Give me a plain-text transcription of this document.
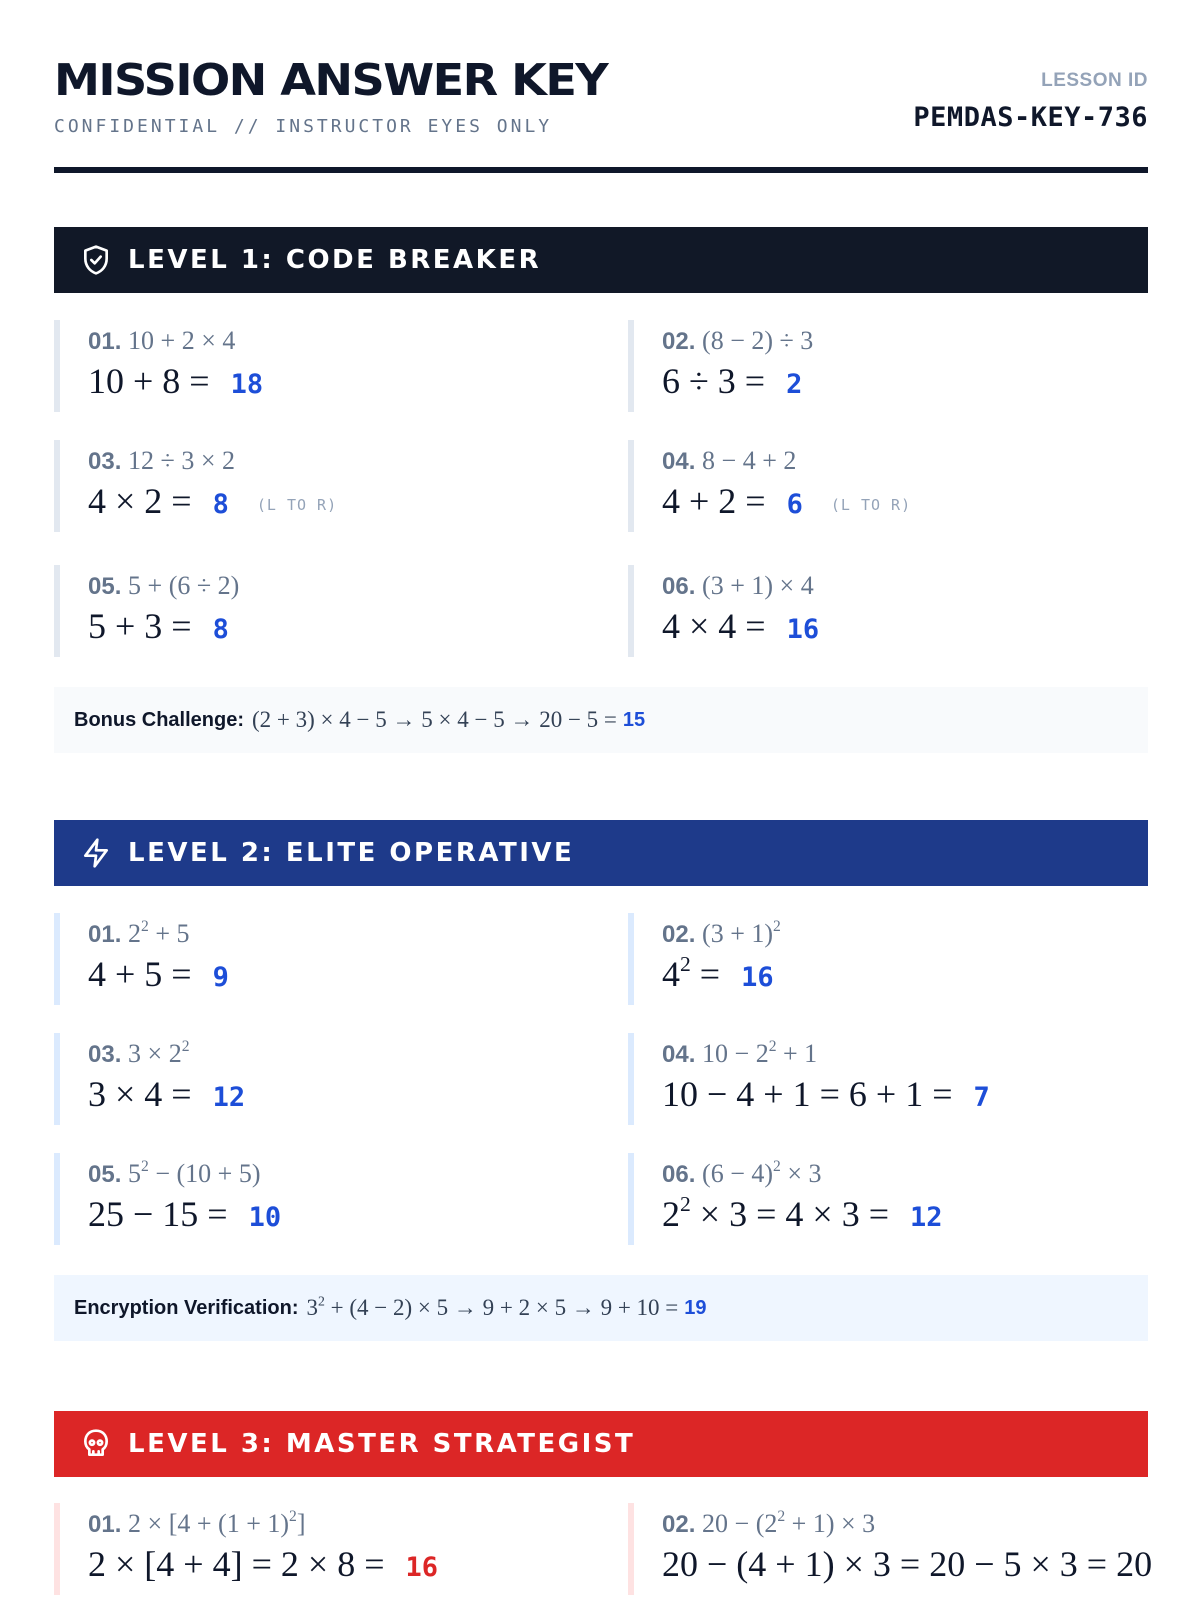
MISSION ANSWER KEY
CONFIDENTIAL // INSTRUCTOR EYES ONLY
LESSON ID
PEMDAS-KEY-736
LEVEL 1: CODE BREAKER
01. 10 + 2 × 4
10 + 8 = 18
02. (8 − 2) ÷ 3
6 ÷ 3 = 2
03. 12 ÷ 3 × 2
4 × 2 = 8 (L TO R)
04. 8 − 4 + 2
4 + 2 = 6 (L TO R)
05. 5 + (6 ÷ 2)
5 + 3 = 8
06. (3 + 1) × 4
4 × 4 = 16
Bonus Challenge: (2 + 3) × 4 − 5 → 5 × 4 − 5 → 20 − 5 = 15
LEVEL 2: ELITE OPERATIVE
01. $2^2 + 5$
4 + 5 = 9
02. $(3 + 1)^2$
$4^2 = 16$
03. $3 \times 2^2$
3 × 4 = 12
04. $10 - 2^2 + 1$
10 − 4 + 1 = 6 + 1 = 7
05. $5^2 - (10 + 5)$
25 − 15 = 10
06. $(6 - 4)^2 \times 3$
$2^2 \times 3 = 4 \times 3 = 12$
Encryption Verification: $3^2 + (4 - 2) \times 5 \to 9 + 2 \times 5 \to 9 + 10 = 19$
LEVEL 3: MASTER STRATEGIST
01. $2 \times [4 + (1 + 1)^2]$
2 × [4 + 4] = 2 × 8 = 16
02. $20 - (2^2 + 1) \times 3$
20 − (4 + 1) × 3 = 20 − 5 × 3 = 20
